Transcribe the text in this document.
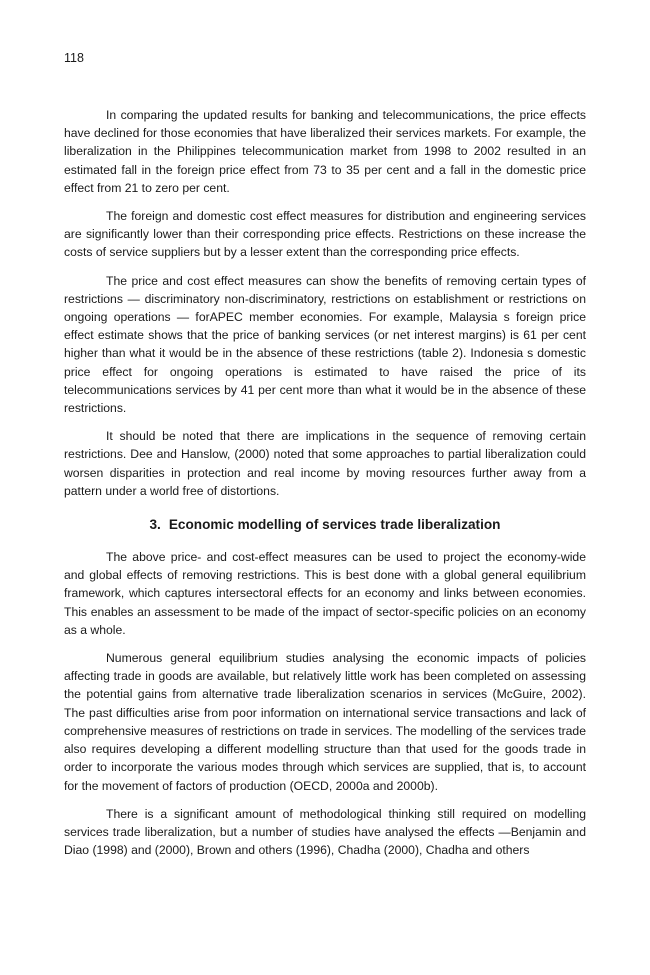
118

In comparing the updated results for banking and telecommunications, the price effects have declined for those economies that have liberalized their services markets. For example, the liberalization in the Philippines telecommunication market from 1998 to 2002 resulted in an estimated fall in the foreign price effect from 73 to 35 per cent and a fall in the domestic price effect from 21 to zero per cent.

The foreign and domestic cost effect measures for distribution and engineering services are significantly lower than their corresponding price effects. Restrictions on these increase the costs of service suppliers but by a lesser extent than the corresponding price effects.

The price and cost effect measures can show the benefits of removing certain types of restrictions — discriminatory non-discriminatory, restrictions on establishment or restrictions on ongoing operations — forAPEC member economies. For example, Malaysia s foreign price effect estimate shows that the price of banking services (or net interest margins) is 61 per cent higher than what it would be in the absence of these restrictions (table 2). Indonesia s domestic price effect for ongoing operations is estimated to have raised the price of its telecommunications services by 41 per cent more than what it would be in the absence of these restrictions.

It should be noted that there are implications in the sequence of removing certain restrictions. Dee and Hanslow, (2000) noted that some approaches to partial liberalization could worsen disparities in protection and real income by moving resources further away from a pattern under a world free of distortions.

3. Economic modelling of services trade liberalization

The above price- and cost-effect measures can be used to project the economy-wide and global effects of removing restrictions. This is best done with a global general equilibrium framework, which captures intersectoral effects for an economy and links between economies. This enables an assessment to be made of the impact of sector-specific policies on an economy as a whole.

Numerous general equilibrium studies analysing the economic impacts of policies affecting trade in goods are available, but relatively little work has been completed on assessing the potential gains from alternative trade liberalization scenarios in services (McGuire, 2002). The past difficulties arise from poor information on international service transactions and lack of comprehensive measures of restrictions on trade in services. The modelling of the services trade also requires developing a different modelling structure than that used for the goods trade in order to incorporate the various modes through which services are supplied, that is, to account for the movement of factors of production (OECD, 2000a and 2000b).

There is a significant amount of methodological thinking still required on modelling services trade liberalization, but a number of studies have analysed the effects —Benjamin and Diao (1998) and (2000), Brown and others (1996), Chadha (2000), Chadha and others
